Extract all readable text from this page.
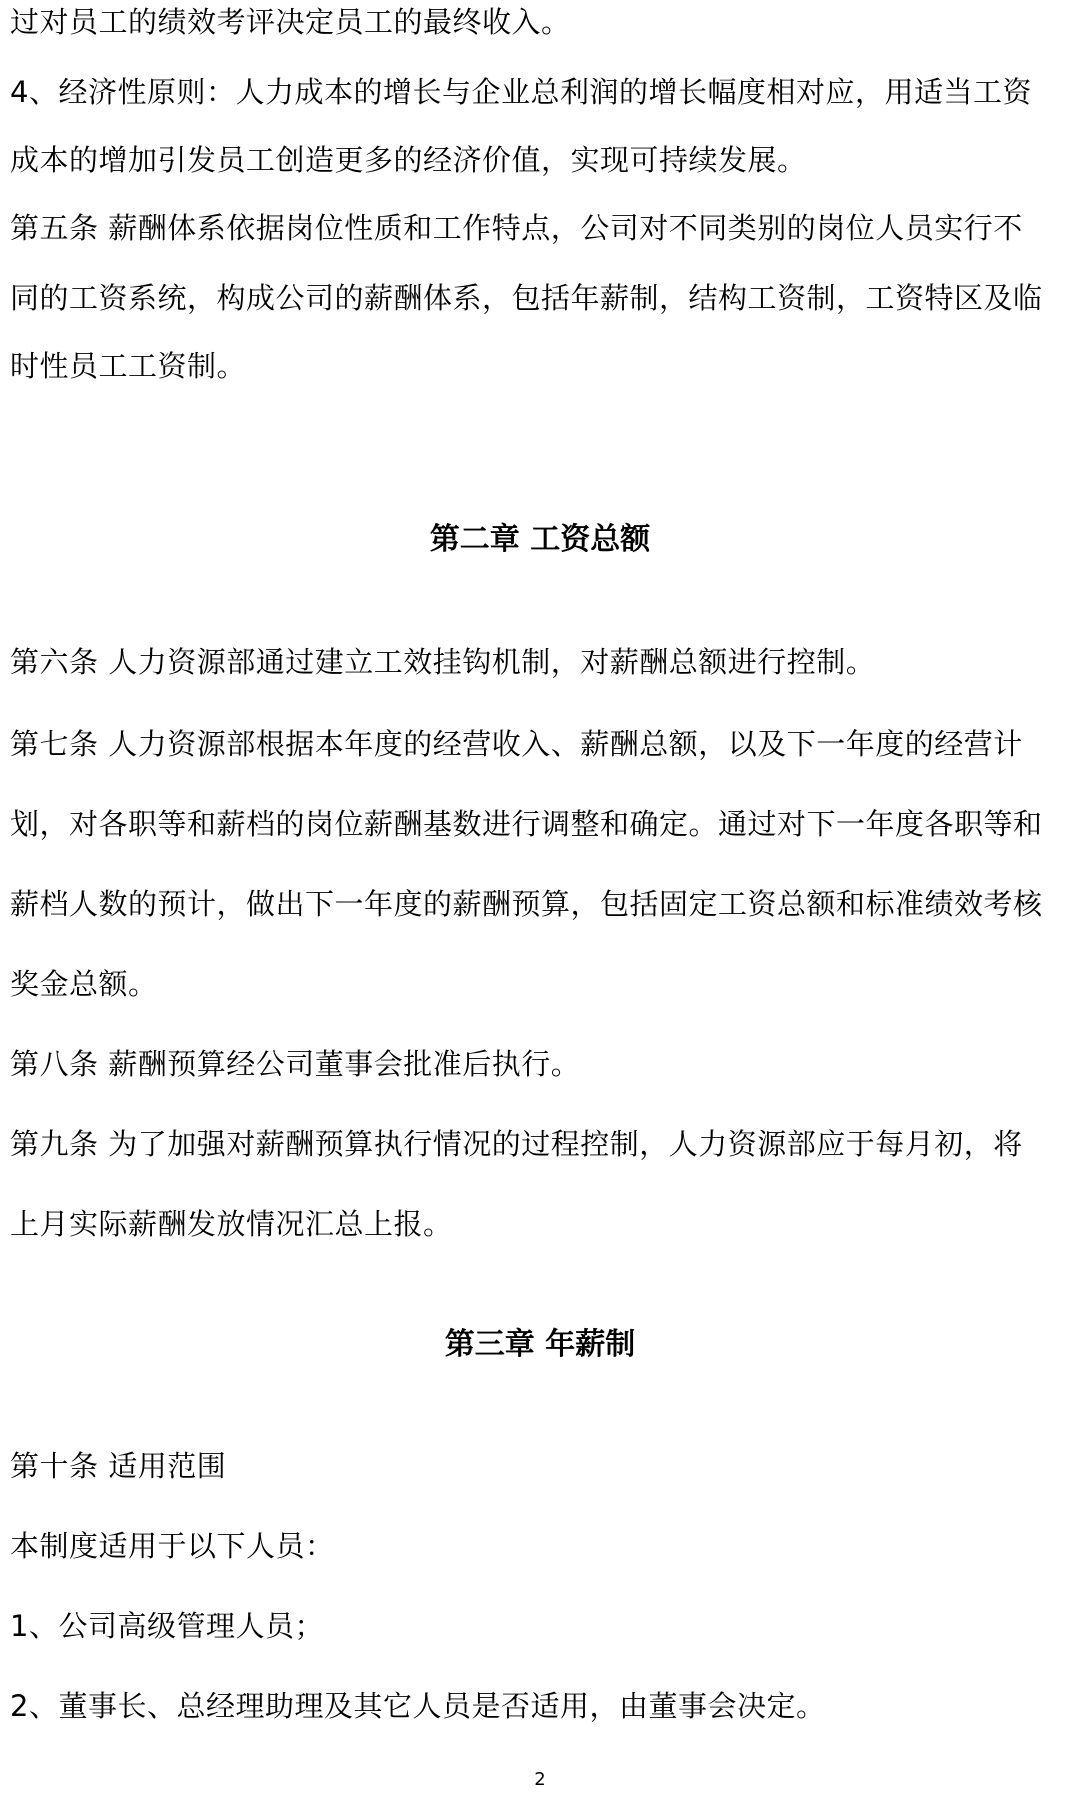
过对员工的绩效考评决定员工的最终收入。
4、经济性原则：人力成本的增长与企业总利润的增长幅度相对应，用适当工资
成本的增加引发员工创造更多的经济价值，实现可持续发展。
第五条 薪酬体系依据岗位性质和工作特点，公司对不同类别的岗位人员实行不
同的工资系统，构成公司的薪酬体系，包括年薪制，结构工资制，工资特区及临
时性员工工资制。
第二章 工资总额
第六条 人力资源部通过建立工效挂钩机制，对薪酬总额进行控制。
第七条 人力资源部根据本年度的经营收入、薪酬总额，以及下一年度的经营计
划，对各职等和薪档的岗位薪酬基数进行调整和确定。通过对下一年度各职等和
薪档人数的预计，做出下一年度的薪酬预算，包括固定工资总额和标准绩效考核
奖金总额。
第八条 薪酬预算经公司董事会批准后执行。
第九条 为了加强对薪酬预算执行情况的过程控制，人力资源部应于每月初，将
上月实际薪酬发放情况汇总上报。
第三章 年薪制
第十条 适用范围
本制度适用于以下人员：
1、公司高级管理人员；
2、董事长、总经理助理及其它人员是否适用，由董事会决定。
2
